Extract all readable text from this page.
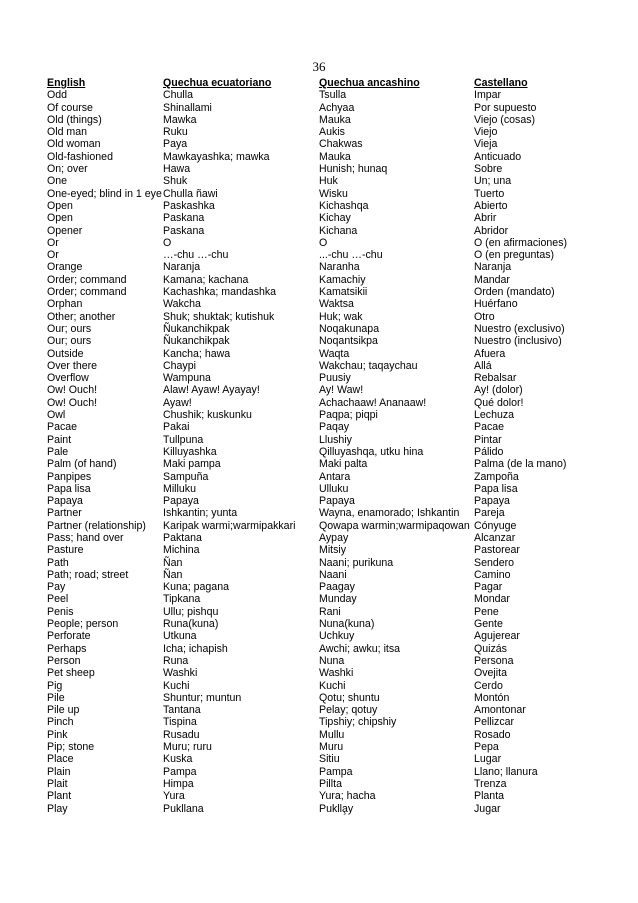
36
English	Quechua ecuatoriano	Quechua ancashino	Castellano
Odd	Chulla	Tsulla	Impar
Of course	Shinallami	Achyaa	Por supuesto
Old (things)	Mawka	Mauka	Viejo (cosas)
Old man	Ruku	Aukis	Viejo
Old woman	Paya	Chakwas	Vieja
Old-fashioned	Mawkayashka; mawka	Mauka	Anticuado
On; over	Hawa	Hunish; hunaq	Sobre
One	Shuk	Huk	Un; una
One-eyed; blind in 1 eye	Chulla ñawi	Wisku	Tuerto
Open	Paskashka	Kichashqa	Abierto
Open	Paskana	Kichay	Abrir
Opener	Paskana	Kichana	Abridor
Or	O	O	O (en afirmaciones)
Or	…-chu …-chu	...-chu …-chu	O (en preguntas)
Orange	Naranja	Naranha	Naranja
Order; command	Kamana; kachana	Kamachiy	Mandar
Order; command	Kachashka; mandashka	Kamatsikii	Orden (mandato)
Orphan	Wakcha	Waktsa	Huérfano
Other; another	Shuk; shuktak; kutishuk	Huk; wak	Otro
Our; ours	Ñukanchikpak	Noqakunapa	Nuestro (exclusivo)
Our; ours	Ñukanchikpak	Noqantsikpa	Nuestro (inclusivo)
Outside	Kancha; hawa	Waqta	Afuera
Over there	Chaypi	Wakchau; taqaychau	Allá
Overflow	Wampuna	Puusiy	Rebalsar
Ow! Ouch!	Alaw! Ayaw! Ayayay!	Ay! Waw!	Ay! (dolor)
Ow! Ouch!	Ayaw!	Achachaaw! Ananaaw!	Qué dolor!
Owl	Chushik; kuskunku	Paqpa; piqpi	Lechuza
Pacae	Pakai	Paqay	Pacae
Paint	Tullpuna	Llushiy	Pintar
Pale	Killuyashka	Qilluyashqa, utku hina	Pálido
Palm (of hand)	Maki pampa	Maki palta	Palma (de la mano)
Panpipes	Sampuña	Antara	Zampoña
Papa lisa	Milluku	Ulluku	Papa lisa
Papaya	Papaya	Papaya	Papaya
Partner	Ishkantin; yunta	Wayna, enamorado; Ishkantin	Pareja
Partner (relationship)	Karipak warmi;warmipakkari	Qowapa warmin;warmipaqowan	Cónyuge
Pass; hand over	Paktana	Aypay	Alcanzar
Pasture	Michina	Mitsiy	Pastorear
Path	Ñan	Naani; purikuna	Sendero
Path; road; street	Ñan	Naani	Camino
Pay	Kuna; pagana	Paagay	Pagar
Peel	Tipkana	Munday	Mondar
Penis	Ullu; pishqu	Rani	Pene
People; person	Runa(kuna)	Nuna(kuna)	Gente
Perforate	Utkuna	Uchkuy	Agujerear
Perhaps	Icha; ichapish	Awchi; awku; itsa	Quizás
Person	Runa	Nuna	Persona
Pet sheep	Washki	Washki	Ovejita
Pig	Kuchi	Kuchi	Cerdo
Pile	Shuntur; muntun	Qotu; shuntu	Montón
Pile up	Tantana	Pelay; qotuy	Amontonar
Pinch	Tispina	Tipshiy; chipshiy	Pellizcar
Pink	Rusadu	Mullu	Rosado
Pip; stone	Muru; ruru	Muru	Pepa
Place	Kuska	Sitiu	Lugar
Plain	Pampa	Pampa	Llano; llanura
Plait	Himpa	Pillta	Trenza
Plant	Yura	Yura; hacha	Planta
Play	Pukllana	Puklla̧y	Jugar
